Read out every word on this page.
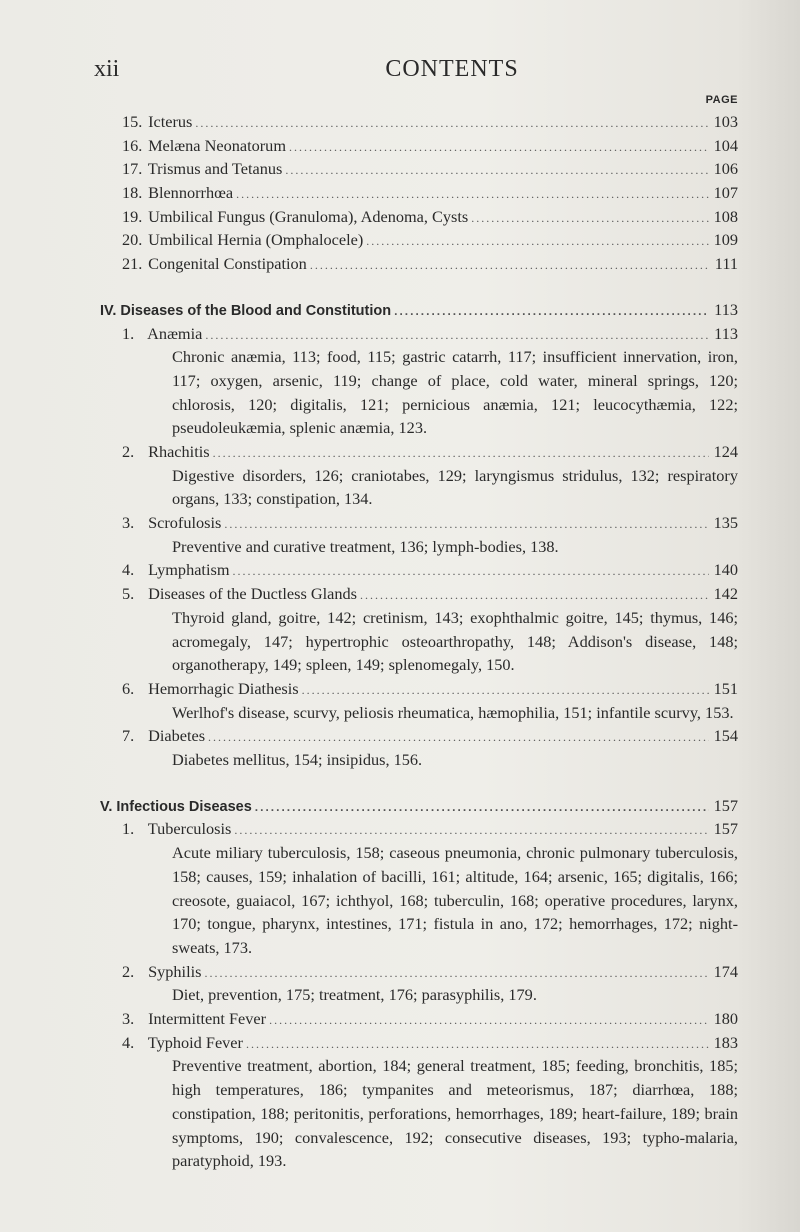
xii	CONTENTS
PAGE
15. Icterus .....	103
16. Melæna Neonatorum .....	104
17. Trismus and Tetanus .....	106
18. Blennorrhœa .....	107
19. Umbilical Fungus (Granuloma), Adenoma, Cysts .....	108
20. Umbilical Hernia (Omphalocele) .....	109
21. Congenital Constipation .....	111
IV. Diseases of the Blood and Constitution .....	113
1. Anæmia .....	113
Chronic anæmia, 113; food, 115; gastric catarrh, 117; insufficient innervation, iron, 117; oxygen, arsenic, 119; change of place, cold water, mineral springs, 120; chlorosis, 120; digitalis, 121; pernicious anæmia, 121; leucocythæmia, 122; pseudoleukæmia, splenic anæmia, 123.
2. Rhachitis .....	124
Digestive disorders, 126; craniotabes, 129; laryngismus stridulus, 132; respiratory organs, 133; constipation, 134.
3. Scrofulosis .....	135
Preventive and curative treatment, 136; lymph-bodies, 138.
4. Lymphatism .....	140
5. Diseases of the Ductless Glands .....	142
Thyroid gland, goitre, 142; cretinism, 143; exophthalmic goitre, 145; thymus, 146; acromegaly, 147; hypertrophic osteoarthropathy, 148; Addison's disease, 148; organotherapy, 149; spleen, 149; splenomegaly, 150.
6. Hemorrhagic Diathesis .....	151
Werlhof's disease, scurvy, peliosis rheumatica, hæmophilia, 151; infantile scurvy, 153.
7. Diabetes .....	154
Diabetes mellitus, 154; insipidus, 156.
V. Infectious Diseases .....	157
1. Tuberculosis .....	157
Acute miliary tuberculosis, 158; caseous pneumonia, chronic pulmonary tuberculosis, 158; causes, 159; inhalation of bacilli, 161; altitude, 164; arsenic, 165; digitalis, 166; creosote, guaiacol, 167; ichthyol, 168; tuberculin, 168; operative procedures, larynx, 170; tongue, pharynx, intestines, 171; fistula in ano, 172; hemorrhages, 172; night-sweats, 173.
2. Syphilis .....	174
Diet, prevention, 175; treatment, 176; parasyphilis, 179.
3. Intermittent Fever .....	180
4. Typhoid Fever .....	183
Preventive treatment, abortion, 184; general treatment, 185; feeding, bronchitis, 185; high temperatures, 186; tympanites and meteorismus, 187; diarrhœa, 188; constipation, 188; peritonitis, perforations, hemorrhages, 189; heart-failure, 189; brain symptoms, 190; convalescence, 192; consecutive diseases, 193; typho-malaria, paratyphoid, 193.
